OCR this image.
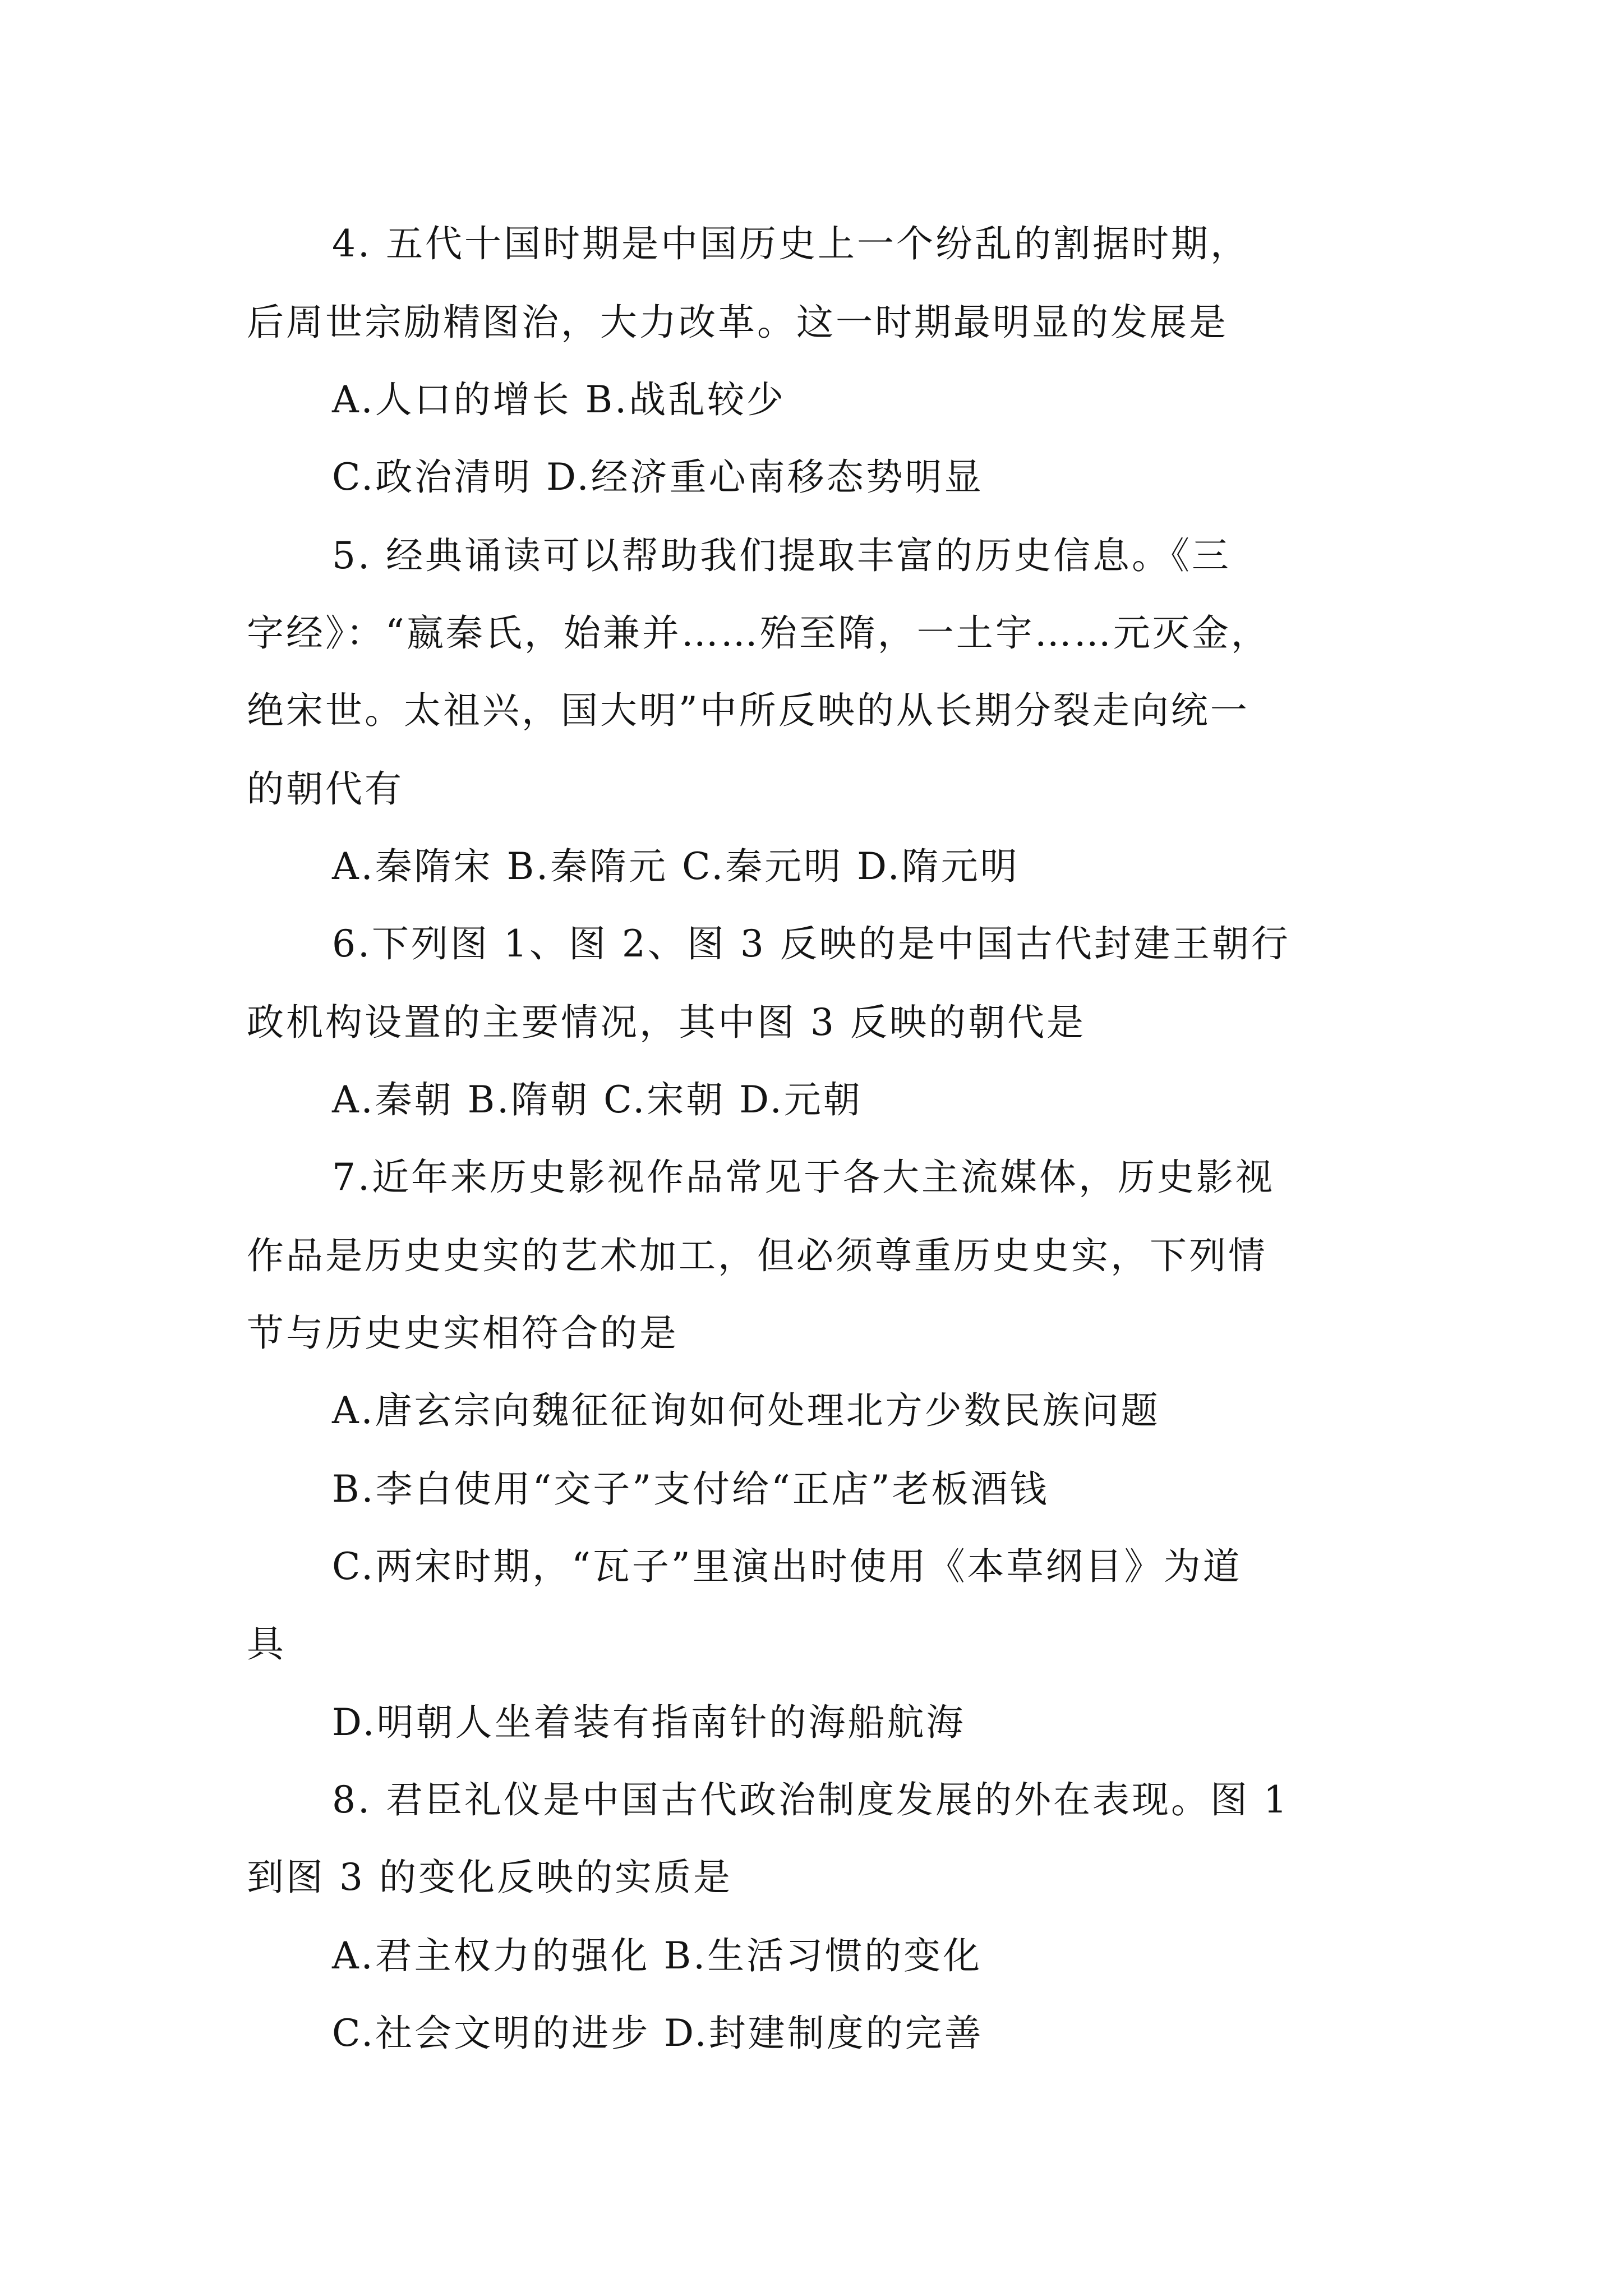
4. 五代十国时期是中国历史上一个纷乱的割据时期，
后周世宗励精图治，大力改革。这一时期最明显的发展是
A.人口的增长 B.战乱较少
C.政治清明 D.经济重心南移态势明显
5. 经典诵读可以帮助我们提取丰富的历史信息。《三
字经》：“嬴秦氏，始兼并……殆至隋，一土宇……元灭金，
绝宋世。太祖兴，国大明”中所反映的从长期分裂走向统一
的朝代有
A.秦隋宋 B.秦隋元 C.秦元明 D.隋元明
6.下列图 1、图 2、图 3 反映的是中国古代封建王朝行
政机构设置的主要情况，其中图 3 反映的朝代是
A.秦朝 B.隋朝 C.宋朝 D.元朝
7.近年来历史影视作品常见于各大主流媒体，历史影视
作品是历史史实的艺术加工，但必须尊重历史史实，下列情
节与历史史实相符合的是
A.唐玄宗向魏征征询如何处理北方少数民族问题
B.李白使用“交子”支付给“正店”老板酒钱
C.两宋时期，“瓦子”里演出时使用《本草纲目》为道
具
D.明朝人坐着装有指南针的海船航海
8. 君臣礼仪是中国古代政治制度发展的外在表现。图 1
到图 3 的变化反映的实质是
A.君主权力的强化 B.生活习惯的变化
C.社会文明的进步 D.封建制度的完善
